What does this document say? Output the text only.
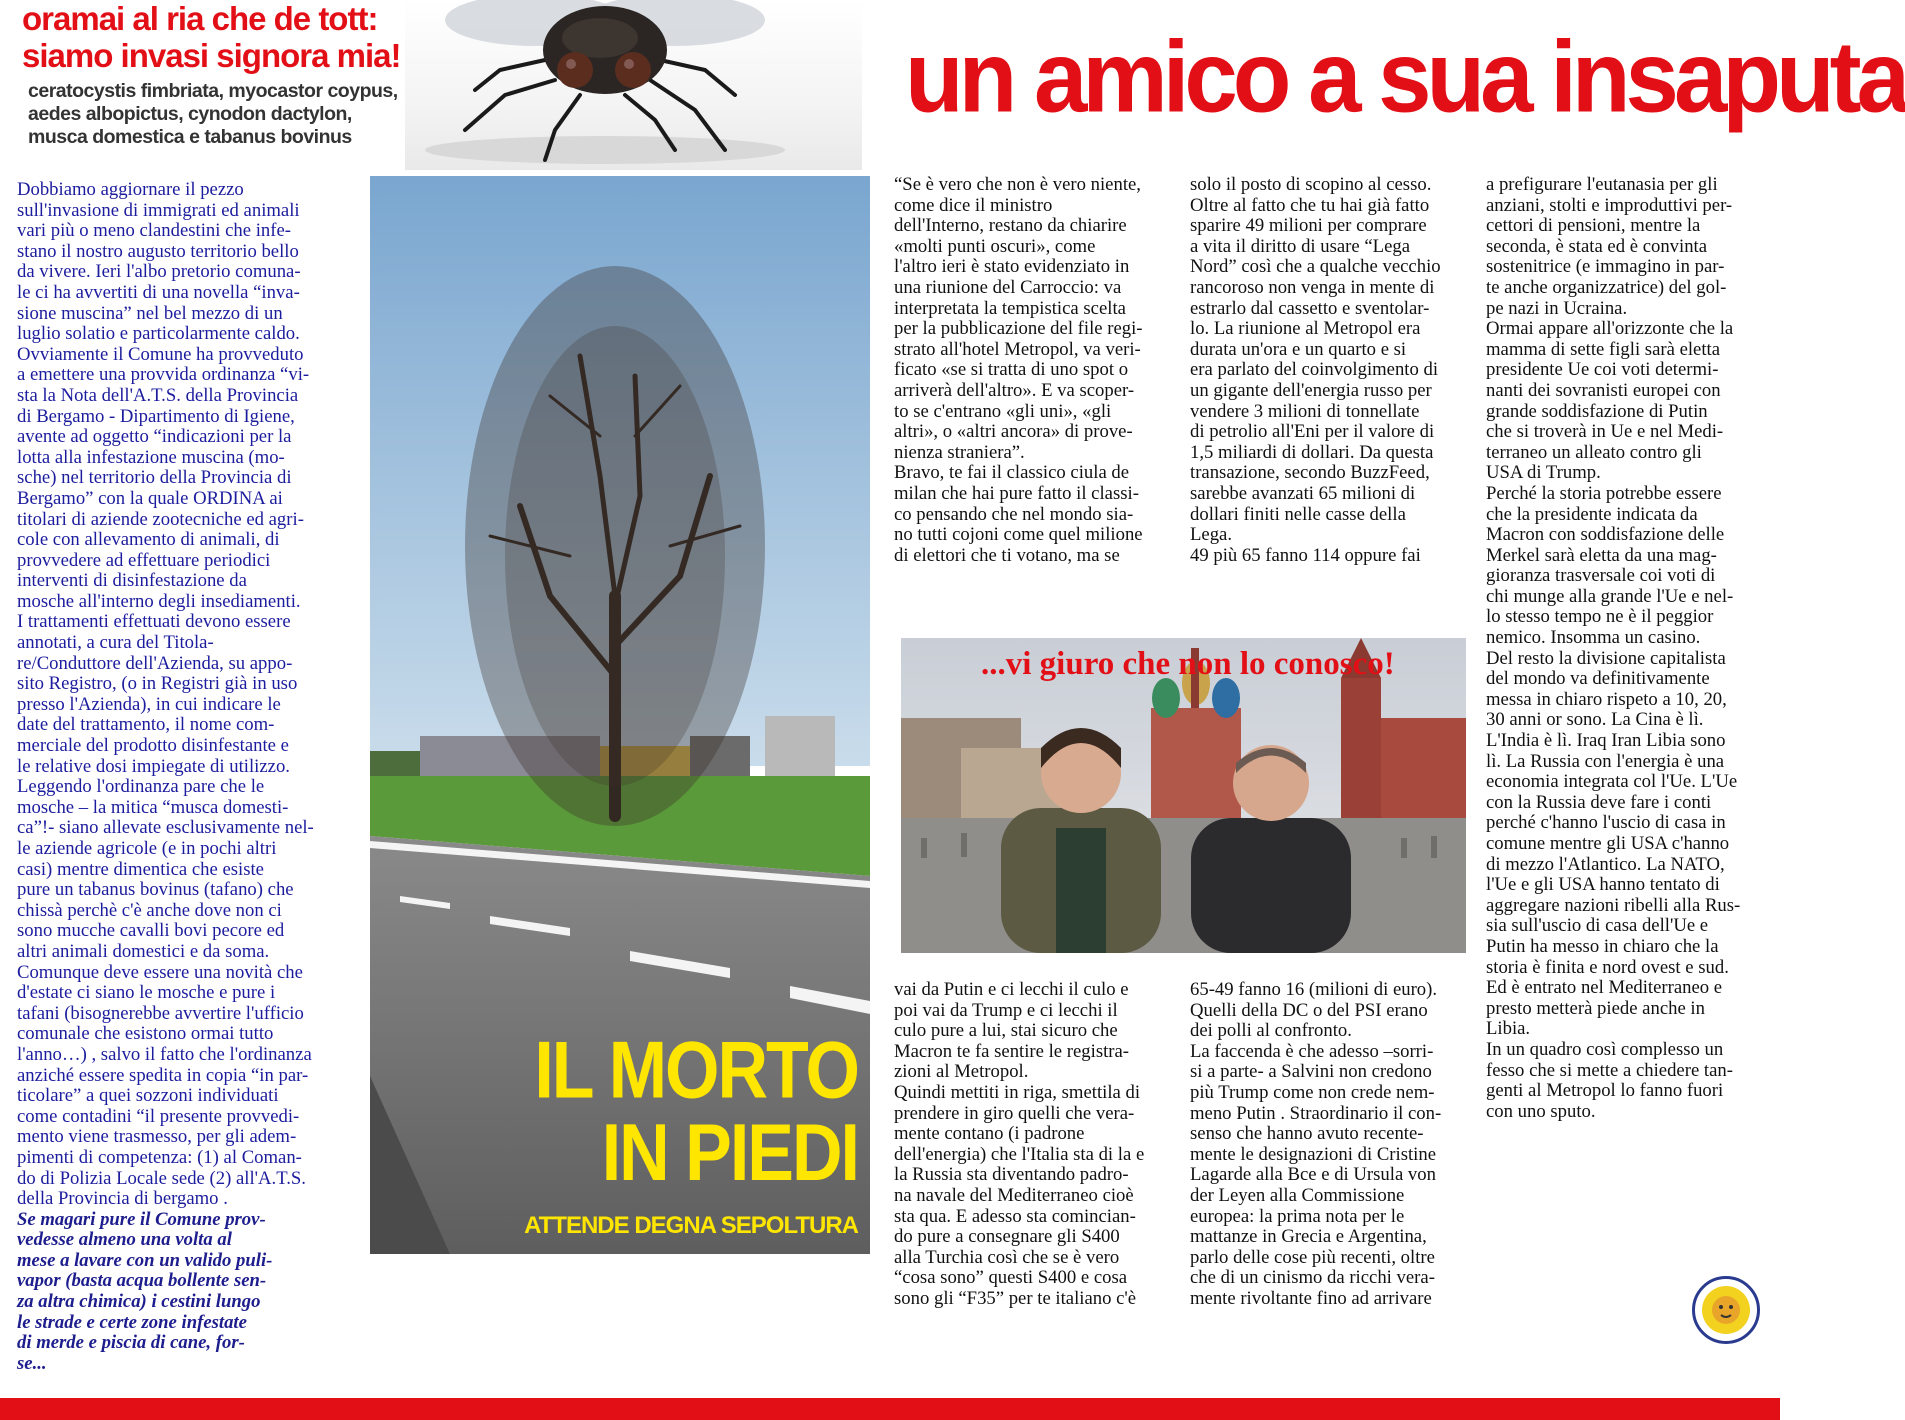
oramai al ria che de tott:
siamo invasi signora mia!
ceratocystis fimbriata, myocastor coypus,
aedes albopictus, cynodon dactylon,
musca domestica e tabanus bovinus
un amico a sua insaputa

Dobbiamo aggiornare il pezzo

sull'invasione di immigrati ed animali

vari più o meno clandestini che infe-

stano il nostro augusto territorio bello

da vivere. Ieri l'albo pretorio comuna-

le ci ha avvertiti di una novella “inva-

sione muscina” nel bel mezzo di un

luglio solatio e particolarmente caldo.

Ovviamente il Comune ha provveduto

a emettere una provvida ordinanza “vi-

sta la Nota dell'A.T.S. della Provincia

di Bergamo - Dipartimento di Igiene,

avente ad oggetto “indicazioni per la

lotta alla infestazione muscina (mo-

sche) nel territorio della Provincia di

Bergamo” con la quale ORDINA ai

titolari di aziende zootecniche ed agri-

cole con allevamento di animali, di

provvedere ad effettuare periodici

interventi di disinfestazione da

mosche all'interno degli insediamenti.

I trattamenti effettuati devono essere

annotati, a cura del Titola-

re/Conduttore dell'Azienda, su appo-

sito Registro, (o in Registri già in uso

presso l'Azienda), in cui indicare le

date del trattamento, il nome com-

merciale del prodotto disinfestante e

le relative dosi impiegate di utilizzo.

Leggendo l'ordinanza pare che le

mosche – la mitica “musca domesti-

ca”!- siano allevate esclusivamente nel-

le aziende agricole (e in pochi altri

casi) mentre dimentica che esiste

pure un tabanus bovinus (tafano) che

chissà perchè c'è anche dove non ci

sono mucche cavalli bovi pecore ed

altri animali domestici e da soma.

Comunque deve essere una novità che

d'estate ci siano le mosche e pure i

tafani (bisognerebbe avvertire l'ufficio

comunale che esistono ormai tutto

l'anno…) , salvo il fatto che l'ordinanza

anziché essere spedita in copia “in par-

ticolare” a quei sozzoni individuati

come contadini “il presente provvedi-

mento viene trasmesso, per gli adem-

pimenti di competenza: (1) al Coman-

do di Polizia Locale sede (2) all'A.T.S.

della Provincia di bergamo .

Se magari pure il Comune prov-

vedesse almeno una volta al

mese a lavare con un valido puli-

vapor (basta acqua bollente sen-

za altra chimica) i cestini lungo

le strade e certe zone infestate

di merde e piscia di cane, for-

se...

IL MORTO
IN PIEDI
ATTENDE DEGNA SEPOLTURA

“Se è vero che non è vero niente,

come dice il ministro

dell'Interno, restano da chiarire

«molti punti oscuri», come

l'altro ieri è stato evidenziato in

una riunione del Carroccio: va

interpretata la tempistica scelta

per la pubblicazione del file regi-

strato all'hotel Metropol, va veri-

ficato «se si tratta di uno spot o

arriverà dell'altro». E va scoper-

to se c'entrano «gli uni», «gli

altri», o «altri ancora» di prove-

nienza straniera”.

Bravo, te fai il classico ciula de

milan che hai pure fatto il classi-

co pensando che nel mondo sia-

no tutti cojoni come quel milione

di elettori che ti votano, ma se

solo il posto di scopino al cesso.

Oltre al fatto che tu hai già fatto

sparire 49 milioni per comprare

a vita il diritto di usare “Lega

Nord” così che a qualche vecchio

rancoroso non venga in mente di

estrarlo dal cassetto e sventolar-

lo. La riunione al Metropol era

durata un'ora e un quarto e si

era parlato del coinvolgimento di

un gigante dell'energia russo per

vendere 3 milioni di tonnellate

di petrolio all'Eni per il valore di

1,5 miliardi di dollari. Da questa

transazione, secondo BuzzFeed,

sarebbe avanzati 65 milioni di

dollari finiti nelle casse della

Lega.

49 più 65 fanno 114 oppure fai

a prefigurare l'eutanasia per gli

anziani, stolti e improduttivi per-

cettori di pensioni, mentre la

seconda, è stata ed è convinta

sostenitrice (e immagino in par-

te anche organizzatrice) del gol-

pe nazi in Ucraina.

Ormai appare all'orizzonte che la

mamma di sette figli sarà eletta

presidente Ue coi voti determi-

nanti dei sovranisti europei con

grande soddisfazione di Putin

che si troverà in Ue e nel Medi-

terraneo un alleato contro gli

USA di Trump.

Perché la storia potrebbe essere

che la presidente indicata da

Macron con soddisfazione delle

Merkel sarà eletta da una mag-

gioranza trasversale coi voti di

chi munge alla grande l'Ue e nel-

lo stesso tempo ne è il peggior

nemico. Insomma un casino.

Del resto la divisione capitalista

del mondo va definitivamente

messa in chiaro rispeto a 10, 20,

30 anni or sono. La Cina è lì.

L'India è lì. Iraq Iran Libia sono

lì. La Russia con l'energia è una

economia integrata col l'Ue. L'Ue

con la Russia deve fare i conti

perché c'hanno l'uscio di casa in

comune mentre gli USA c'hanno

di mezzo l'Atlantico. La NATO,

l'Ue e gli USA hanno tentato di

aggregare nazioni ribelli alla Rus-

sia sull'uscio di casa dell'Ue e

Putin ha messo in chiaro che la

storia è finita e nord ovest e sud.

Ed è entrato nel Mediterraneo e

presto metterà piede anche in

Libia.

In un quadro così complesso un

fesso che si mette a chiedere tan-

genti al Metropol lo fanno fuori

con uno sputo.

...vi giuro che non lo conosco!

vai da Putin e ci lecchi il culo e

poi vai da Trump e ci lecchi il

culo pure a lui, stai sicuro che

Macron te fa sentire le registra-

zioni al Metropol.

Quindi mettiti in riga, smettila di

prendere in giro quelli che vera-

mente contano (i padrone

dell'energia) che l'Italia sta di la e

la Russia sta diventando padro-

na navale del Mediterraneo cioè

sta qua. E adesso sta comincian-

do pure a consegnare gli S400

alla Turchia così che se è vero

“cosa sono” questi S400 e cosa

sono gli “F35” per te italiano c'è

65-49 fanno 16 (milioni di euro).

Quelli della DC o del PSI erano

dei polli al confronto.

La faccenda è che adesso –sorri-

si a parte- a Salvini non credono

più Trump come non crede nem-

meno Putin . Straordinario il con-

senso che hanno avuto recente-

mente le designazioni di Cristine

Lagarde alla Bce e di Ursula von

der Leyen alla Commissione

europea: la prima nota per le

mattanze in Grecia e Argentina,

parlo delle cose più recenti, oltre

che di un cinismo da ricchi vera-

mente rivoltante fino ad arrivare
